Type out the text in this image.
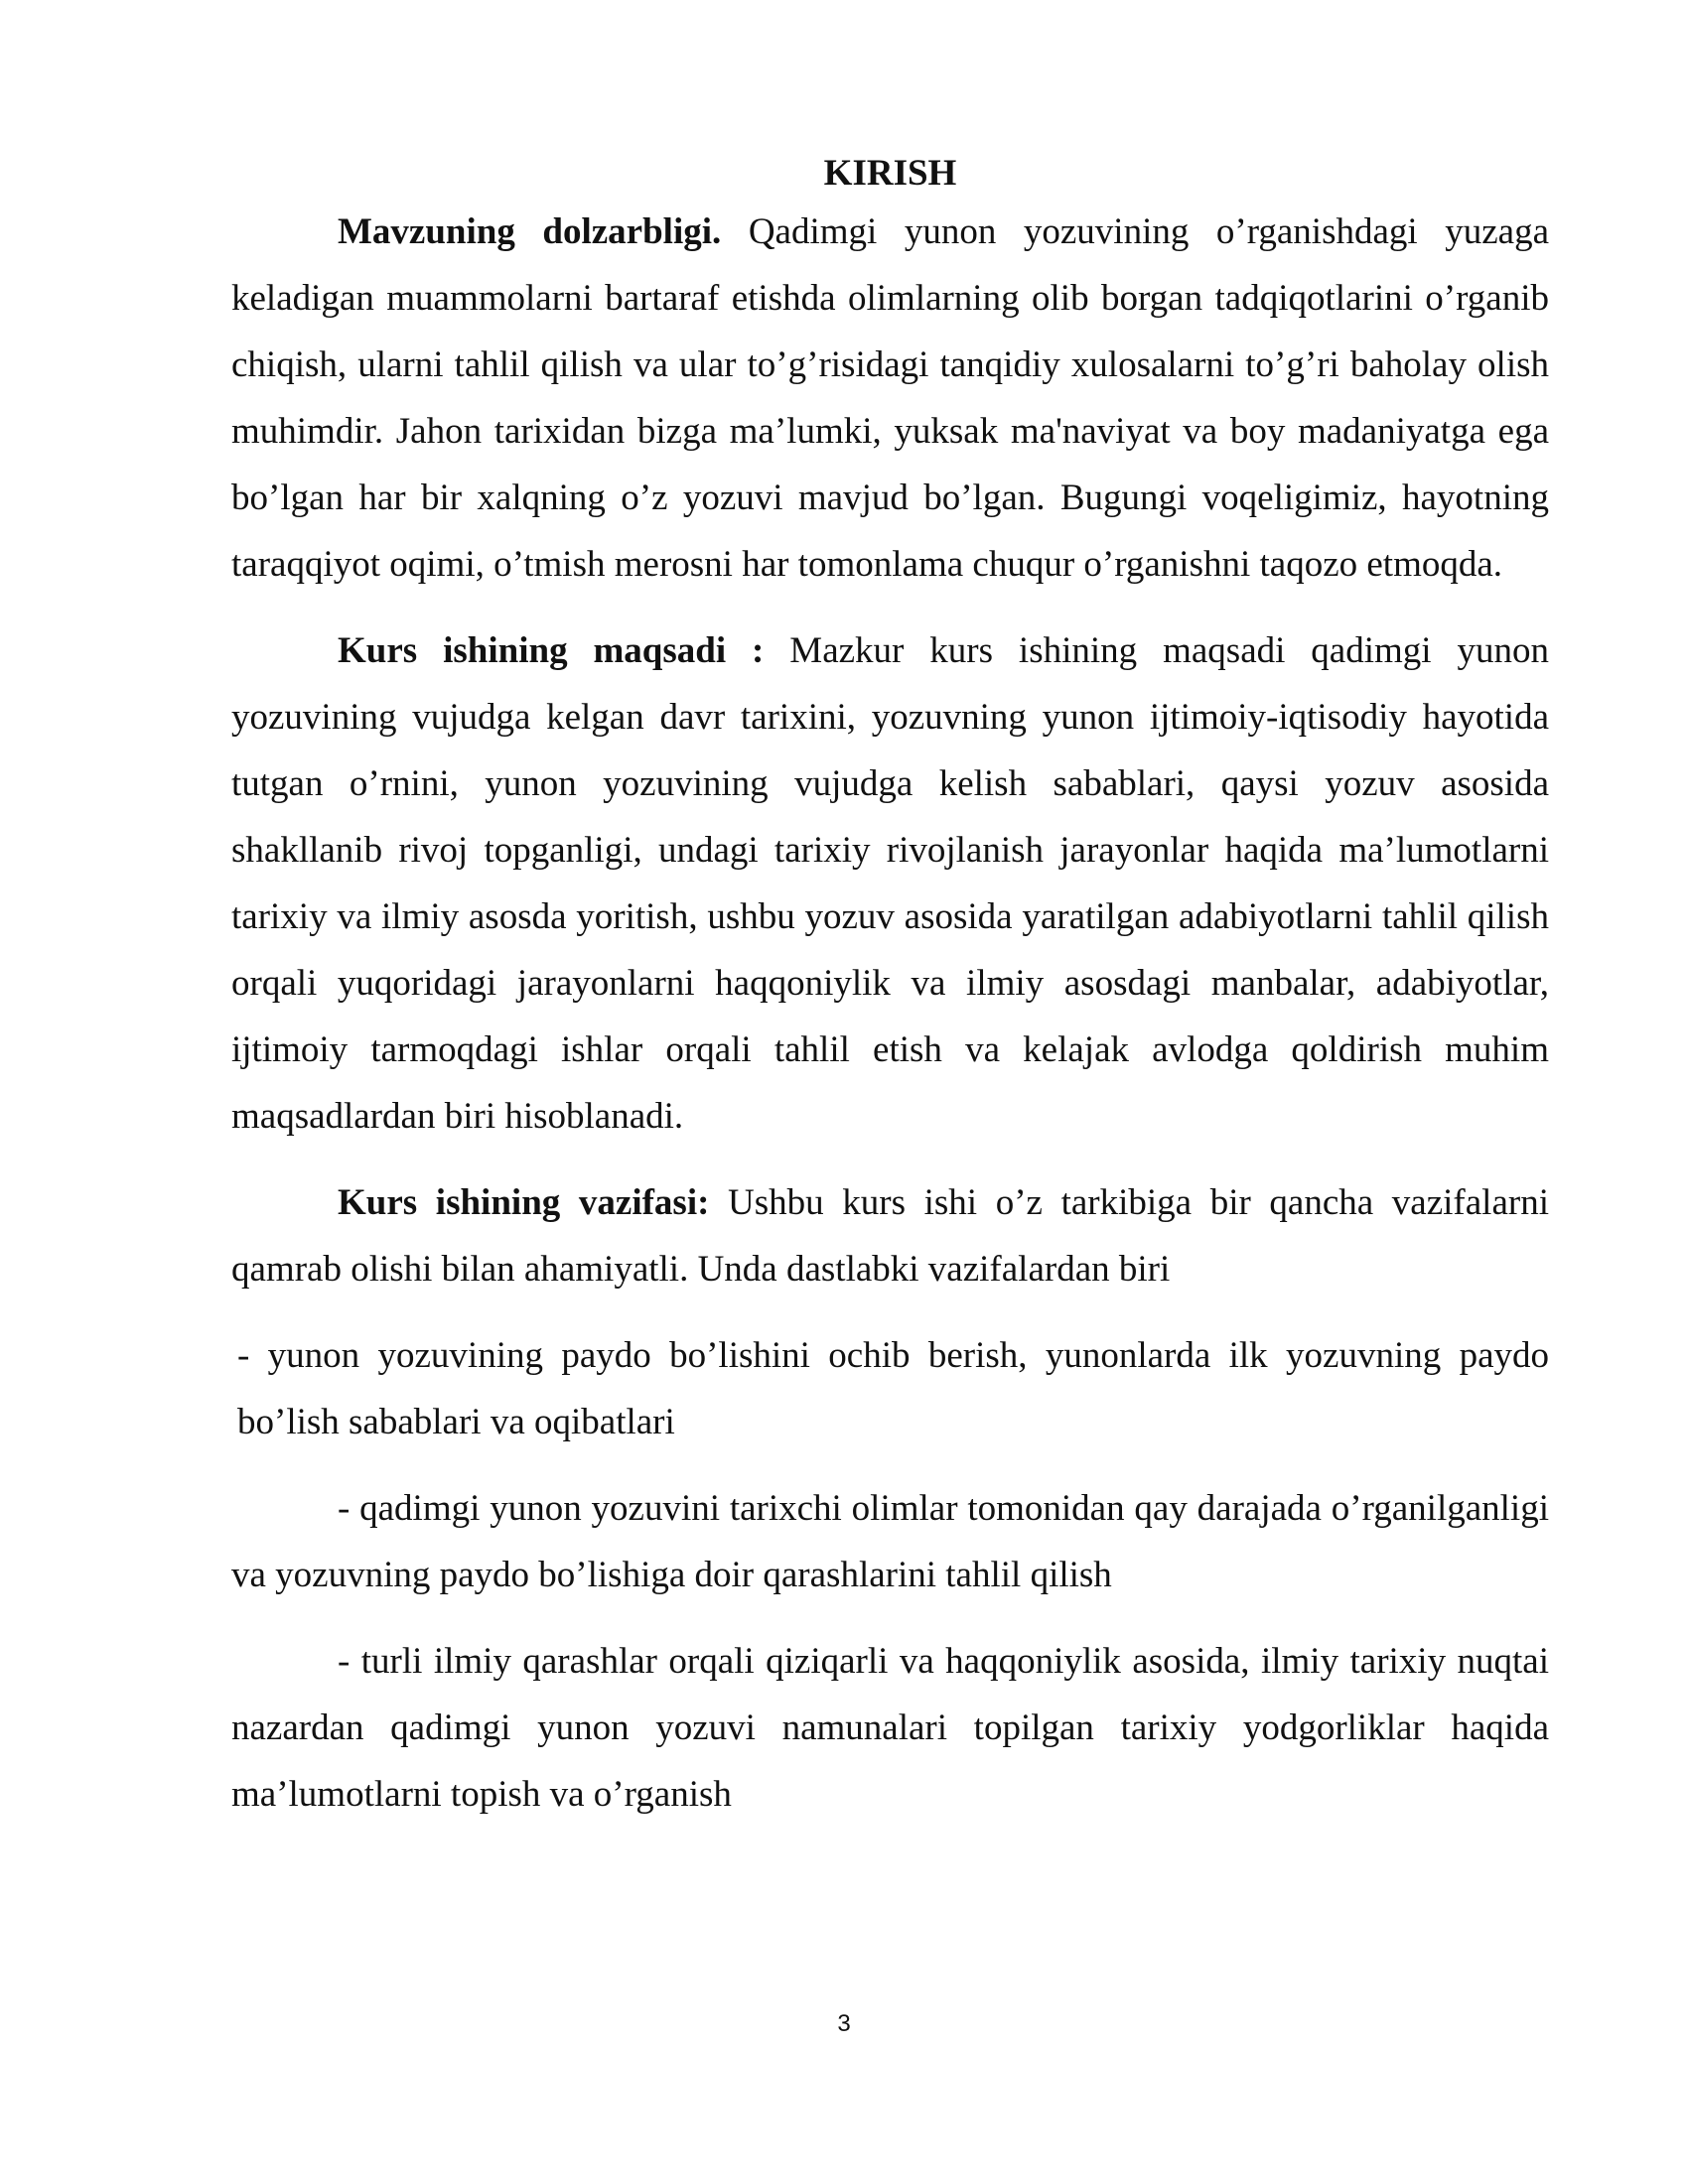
KIRISH

Mavzuning dolzarbligi. Qadimgi yunon yozuvining o’rganishdagi yuzaga keladigan muammolarni bartaraf etishda olimlarning olib borgan tadqiqotlarini o’rganib chiqish, ularni tahlil qilish va ular to’g’risidagi tanqidiy xulosalarni to’g’ri baholay olish muhimdir. Jahon tarixidan bizga ma’lumki, yuksak ma'naviyat va boy madaniyatga ega bo’lgan har bir xalqning o’z yozuvi mavjud bo’lgan. Bugungi voqeligimiz, hayotning taraqqiyot oqimi, o’tmish merosni har tomonlama chuqur o’rganishni taqozo etmoqda.

Kurs ishining maqsadi : Mazkur kurs ishining maqsadi qadimgi yunon yozuvining vujudga kelgan davr tarixini, yozuvning yunon ijtimoiy-iqtisodiy hayotida tutgan o’rnini, yunon yozuvining vujudga kelish sabablari, qaysi yozuv asosida shakllanib rivoj topganligi, undagi tarixiy rivojlanish jarayonlar haqida ma’lumotlarni tarixiy va ilmiy asosda yoritish, ushbu yozuv asosida yaratilgan adabiyotlarni tahlil qilish orqali yuqoridagi jarayonlarni haqqoniylik va ilmiy asosdagi manbalar, adabiyotlar, ijtimoiy tarmoqdagi ishlar orqali tahlil etish va kelajak avlodga qoldirish muhim maqsadlardan biri hisoblanadi.

Kurs ishining vazifasi: Ushbu kurs ishi o’z tarkibiga bir qancha vazifalarni qamrab olishi bilan ahamiyatli. Unda dastlabki vazifalardan biri

- yunon yozuvining paydo bo’lishini ochib berish, yunonlarda ilk yozuvning paydo bo’lish sabablari va oqibatlari

- qadimgi yunon yozuvini tarixchi olimlar tomonidan qay darajada o’rganilganligi va yozuvning paydo bo’lishiga doir qarashlarini tahlil qilish

- turli ilmiy qarashlar orqali qiziqarli va haqqoniylik asosida, ilmiy tarixiy nuqtai nazardan qadimgi yunon yozuvi namunalari topilgan tarixiy yodgorliklar haqida ma’lumotlarni topish va o’rganish

3
